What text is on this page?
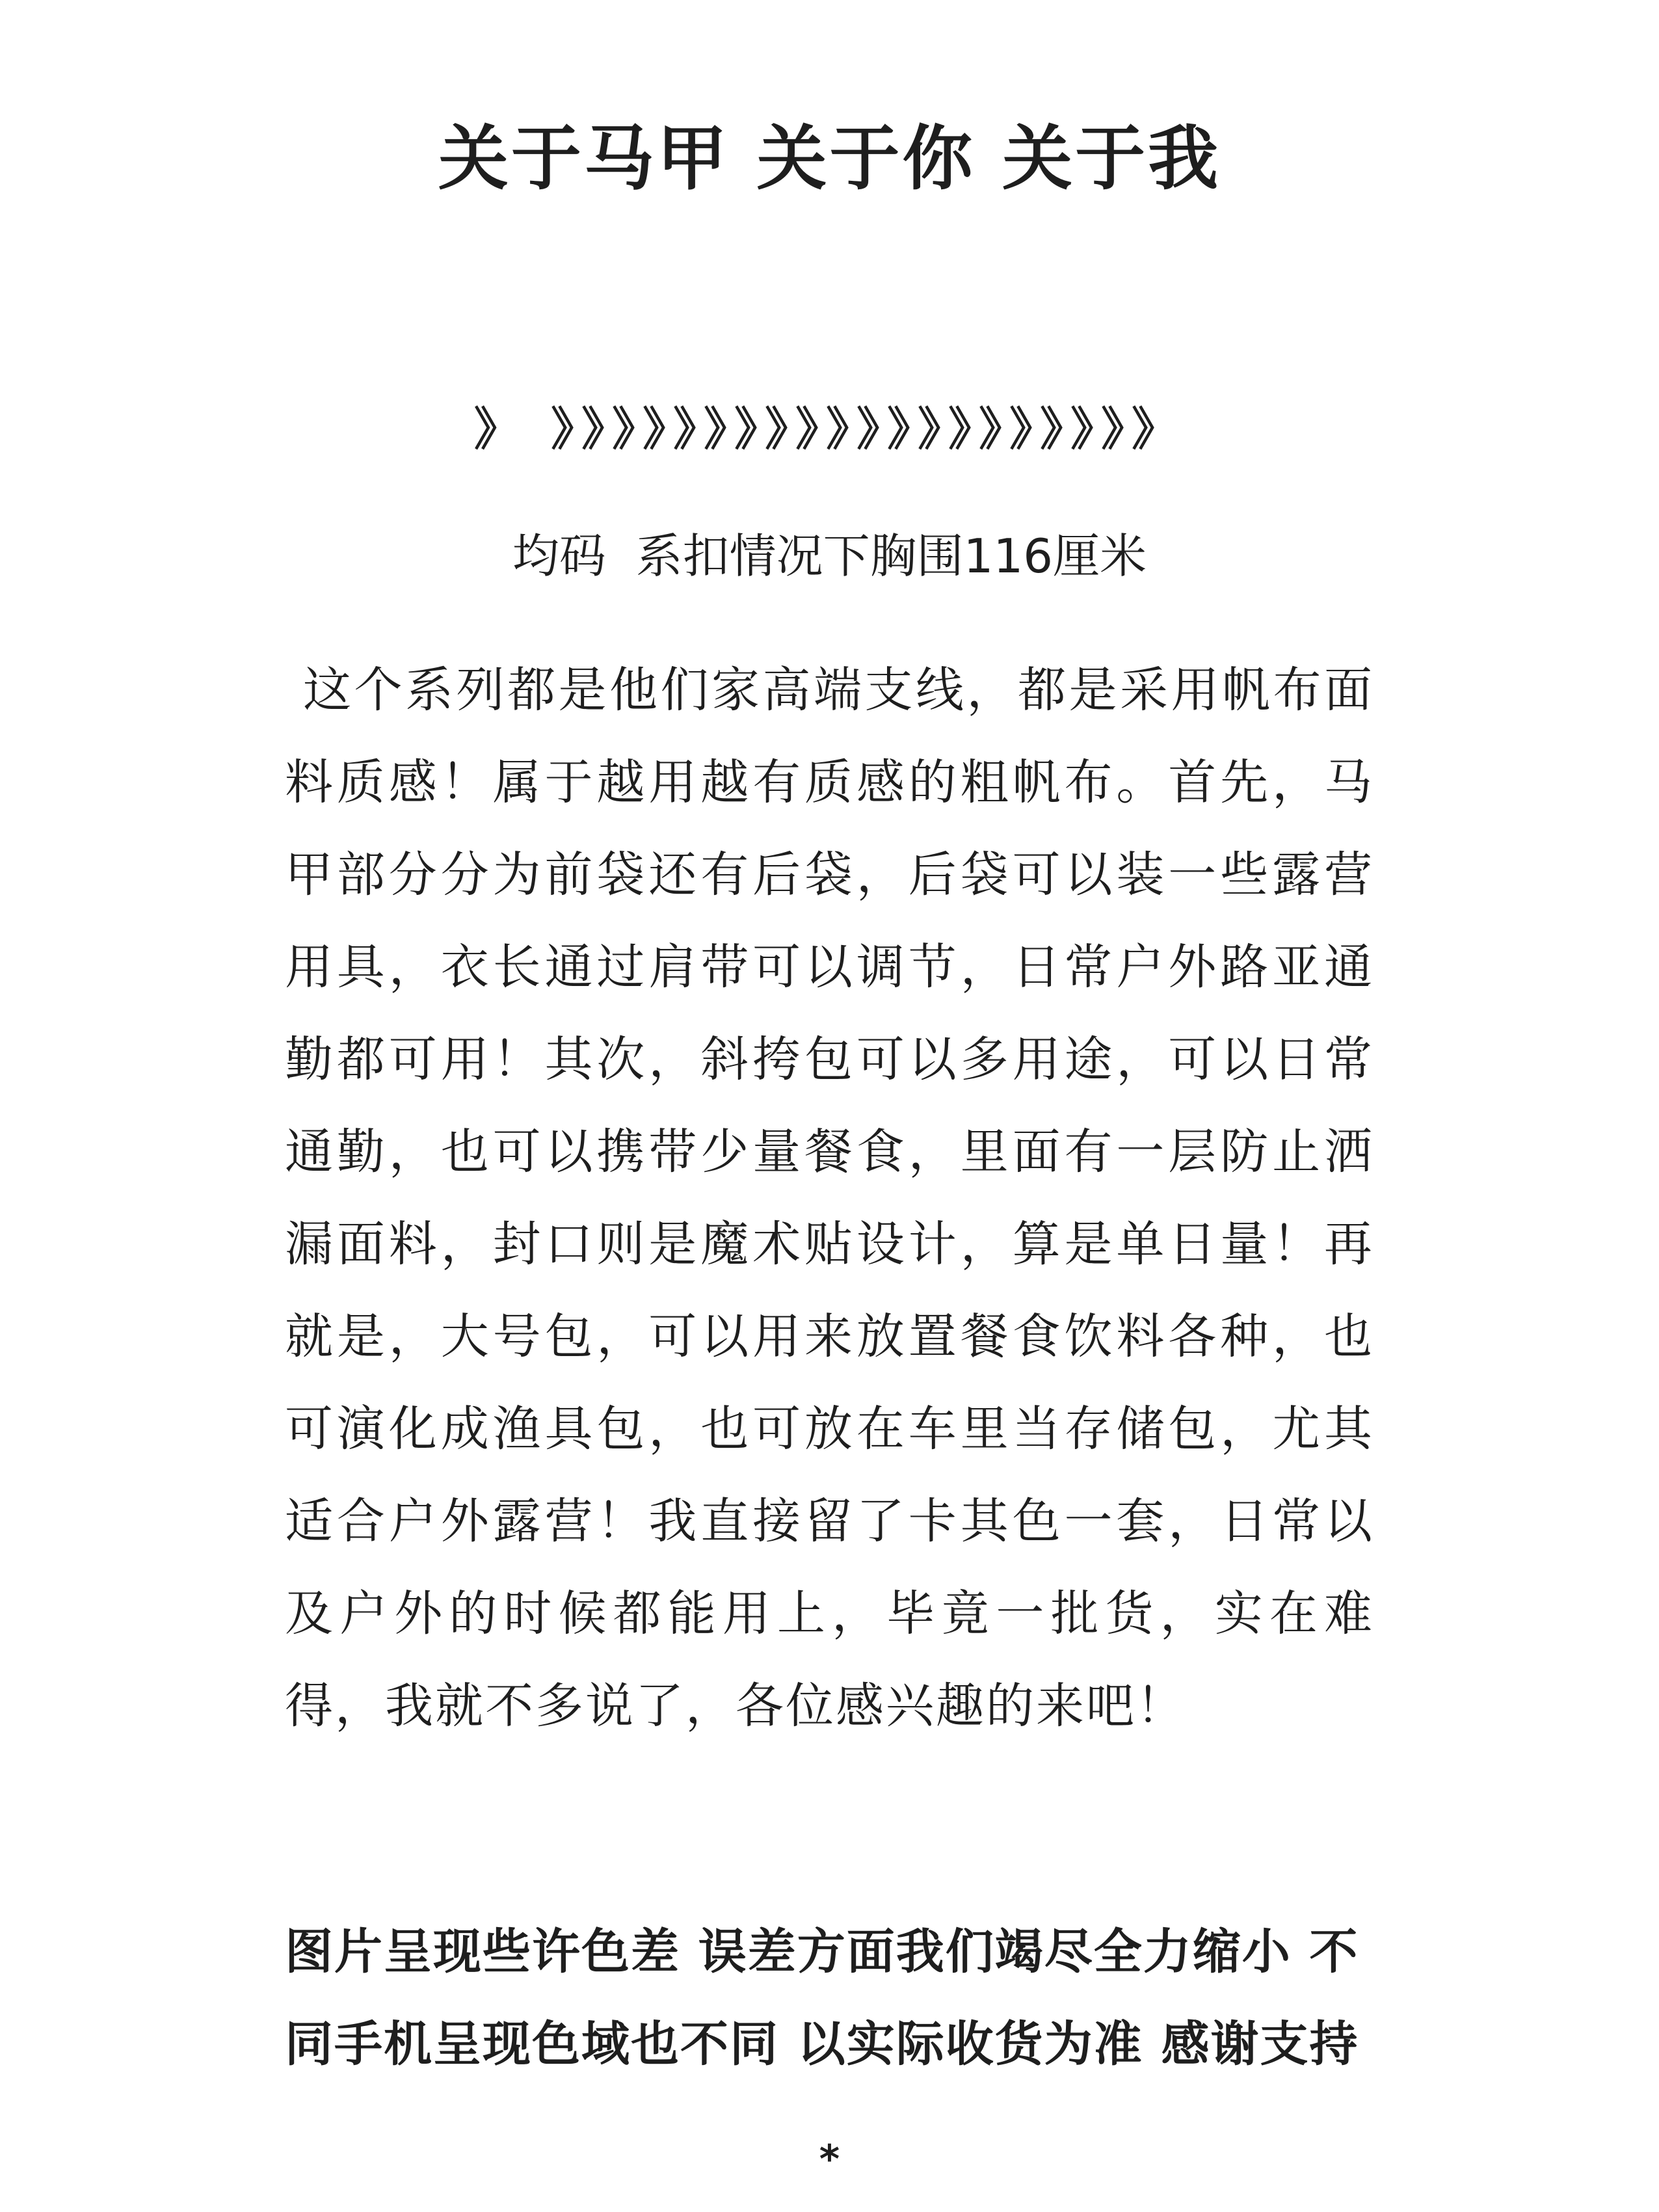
关于马甲 关于你 关于我
》 》》》》》》》》》》》》》》》》》》》》
均码  系扣情况下胸围116厘米

这个系列都是他们家高端支线，都是采用帆布面料质感！属于越用越有质感的粗帆布。首先，马甲部分分为前袋还有后袋，后袋可以装一些露营用具，衣长通过肩带可以调节，日常户外路亚通勤都可用！其次，斜挎包可以多用途，可以日常通勤，也可以携带少量餐食，里面有一层防止洒漏面料，封口则是魔术贴设计，算是单日量！再就是，大号包，可以用来放置餐食饮料各种，也可演化成渔具包，也可放在车里当存储包，尤其适合户外露营！我直接留了卡其色一套，日常以及户外的时候都能用上，毕竟一批货，实在难得，我就不多说了，各位感兴趣的来吧！

图片呈现些许色差 误差方面我们竭尽全力缩小 不同手机呈现色域也不同 以实际收货为准 感谢支持

*
